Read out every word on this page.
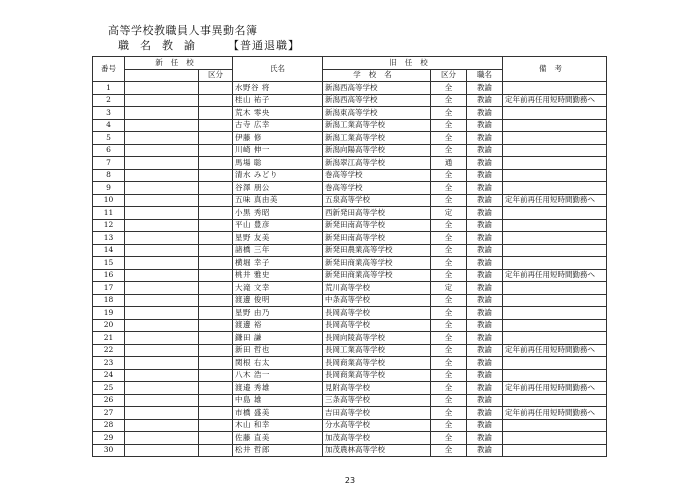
高等学校教職員人事異動名簿
職名教諭 【普通退職】
番号	新任校		氏名	旧任校			備考
		区分		学校名	区分	職名	
1			水野谷 将	新潟西高等学校	全	教諭	
2			桂山 祐子	新潟西高等学校	全	教諭	定年前再任用短時間勤務へ
3			荒木 零央	新潟東高等学校	全	教諭	
4			古寺 広幸	新潟工業高等学校	全	教諭	
5			伊藤 修	新潟工業高等学校	全	教諭	
6			川崎 伸一	新潟向陽高等学校	全	教諭	
7			馬場 聡	新潟翠江高等学校	通	教諭	
8			清水 みどり	巻高等学校	全	教諭	
9			谷澤 朋公	巻高等学校	全	教諭	
10			五味 真由美	五泉高等学校	全	教諭	定年前再任用短時間勤務へ
11			小黒 秀昭	西新発田高等学校	定	教諭	
12			平山 豊彦	新発田南高等学校	全	教諭	
13			星野 友美	新発田南高等学校	全	教諭	
14			諸橋 三年	新発田農業高等学校	全	教諭	
15			横堀 幸子	新発田商業高等学校	全	教諭	
16			桃井 雅史	新発田商業高等学校	全	教諭	定年前再任用短時間勤務へ
17			大滝 文幸	荒川高等学校	定	教諭	
18			渡邊 俊明	中条高等学校	全	教諭	
19			星野 由乃	長岡高等学校	全	教諭	
20			渡邊 裕	長岡高等学校	全	教諭	
21			鎌田 謙	長岡向陵高等学校	全	教諭	
22			新田 哲也	長岡工業高等学校	全	教諭	定年前再任用短時間勤務へ
23			関根 右太	長岡商業高等学校	全	教諭	
24			八木 浩一	長岡商業高等学校	全	教諭	
25			渡邉 秀雄	見附高等学校	全	教諭	定年前再任用短時間勤務へ
26			中島 雄	三条高等学校	全	教諭	
27			市橋 盛美	吉田高等学校	全	教諭	定年前再任用短時間勤務へ
28			木山 和幸	分水高等学校	全	教諭	
29			佐藤 直美	加茂高等学校	全	教諭	
30			松井 哲郎	加茂農林高等学校	全	教諭	
23
